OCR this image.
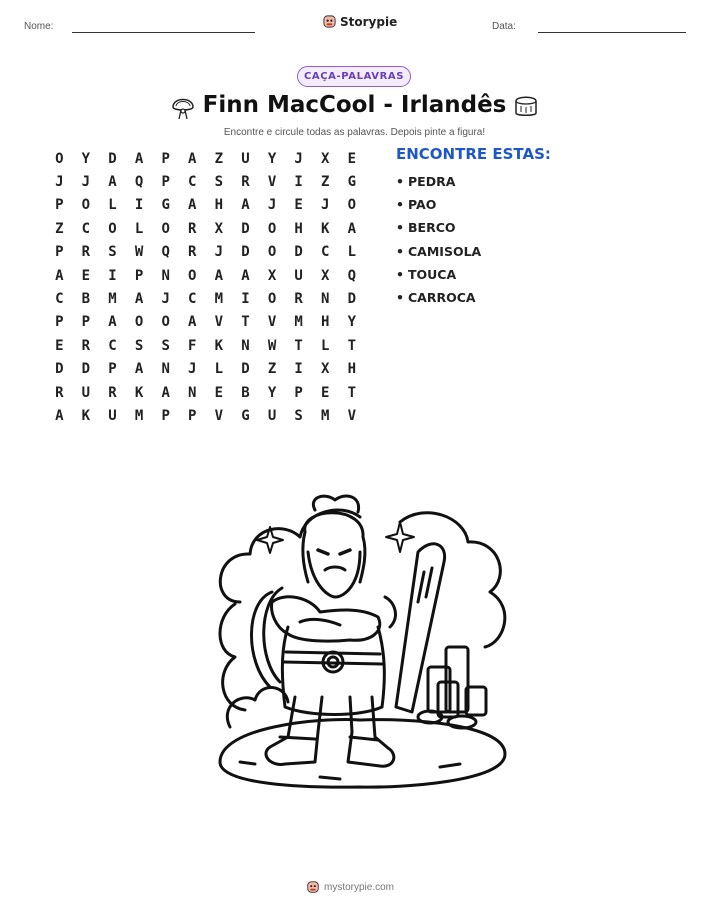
Nome:	Storypie	Data:
CAÇA-PALAVRAS
Finn MacCool - Irlandês
Encontre e circule todas as palavras. Depois pinte a figura!
O	Y	D	A	P	A	Z	U	Y	J	X	E
J	J	A	Q	P	C	S	R	V	I	Z	G
P	O	L	I	G	A	H	A	J	E	J	O
Z	C	O	L	O	R	X	D	O	H	K	A
P	R	S	W	Q	R	J	D	O	D	C	L
A	E	I	P	N	O	A	A	X	U	X	Q
C	B	M	A	J	C	M	I	O	R	N	D
P	P	A	O	O	A	V	T	V	M	H	Y
E	R	C	S	S	F	K	N	W	T	L	T
D	D	P	A	N	J	L	D	Z	I	X	H
R	U	R	K	A	N	E	B	Y	P	E	T
A	K	U	M	P	P	V	G	U	S	M	V
ENCONTRE ESTAS:
• PEDRA
• PAO
• BERCO
• CAMISOLA
• TOUCA
• CARROCA
mystorypie.com
